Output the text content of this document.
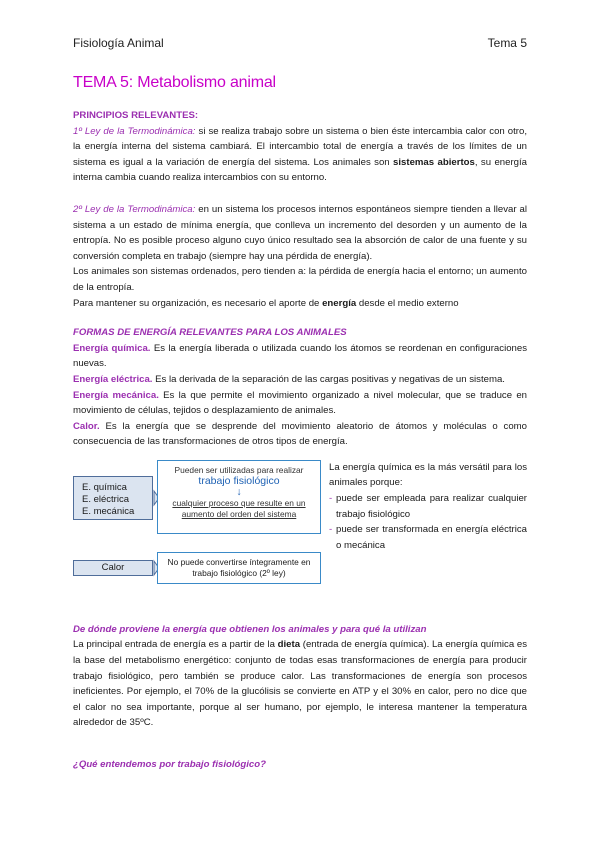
Fisiología Animal	Tema 5
TEMA 5: Metabolismo animal

PRINCIPIOS RELEVANTES:

1º Ley de la Termodinámica: si se realiza trabajo sobre un sistema o bien éste intercambia calor con otro, la energía interna del sistema cambiará. El intercambio total de energía a través de los límites de un sistema es igual a la variación de energía del sistema. Los animales son sistemas abiertos, su energía interna cambia cuando realiza intercambios con su entorno.

2º Ley de la Termodinámica: en un sistema los procesos internos espontáneos siempre tienden a llevar al sistema a un estado de mínima energía, que conlleva un incremento del desorden y un aumento de la entropía. No es posible proceso alguno cuyo único resultado sea la absorción de calor de una fuente y su conversión completa en trabajo (siempre hay una pérdida de energía).

Los animales son sistemas ordenados, pero tienden a: la pérdida de energía hacia el entorno; un aumento de la entropía.

Para mantener su organización, es necesario el aporte de energía desde el medio externo

FORMAS DE ENERGÍA RELEVANTES PARA LOS ANIMALES

Energía química. Es la energía liberada o utilizada cuando los átomos se reordenan en configuraciones nuevas.

Energía eléctrica. Es la derivada de la separación de las cargas positivas y negativas de un sistema.

Energía mecánica. Es la que permite el movimiento organizado a nivel molecular, que se traduce en movimiento de células, tejidos o desplazamiento de animales.

Calor. Es la energía que se desprende del movimiento aleatorio de átomos y moléculas o como consecuencia de las transformaciones de otros tipos de energía.

E. química
E. eléctrica
E. mecánica
Calor
Pueden ser utilizadas para realizar
trabajo fisiológico
↓
cualquier proceso que resulte en un aumento del orden del sistema
No puede convertirse íntegramente en trabajo fisiológico (2º ley)

La energía química es la más versátil para los animales porque:

- puede ser empleada para realizar cualquier trabajo fisiológico
- puede ser transformada en energía eléctrica o mecánica

De dónde proviene la energía que obtienen los animales y para qué la utilizan

La principal entrada de energía es a partir de la dieta (entrada de energía química). La energía química es la base del metabolismo energético: conjunto de todas esas transformaciones de energía para producir trabajo fisiológico, pero también se produce calor. Las transformaciones de energía son procesos ineficientes. Por ejemplo, el 70% de la glucólisis se convierte en ATP y el 30% en calor, pero no dice que el calor no sea importante, porque al ser humano, por ejemplo, le interesa mantener la temperatura alrededor de 35ºC.

¿Qué entendemos por trabajo fisiológico?
